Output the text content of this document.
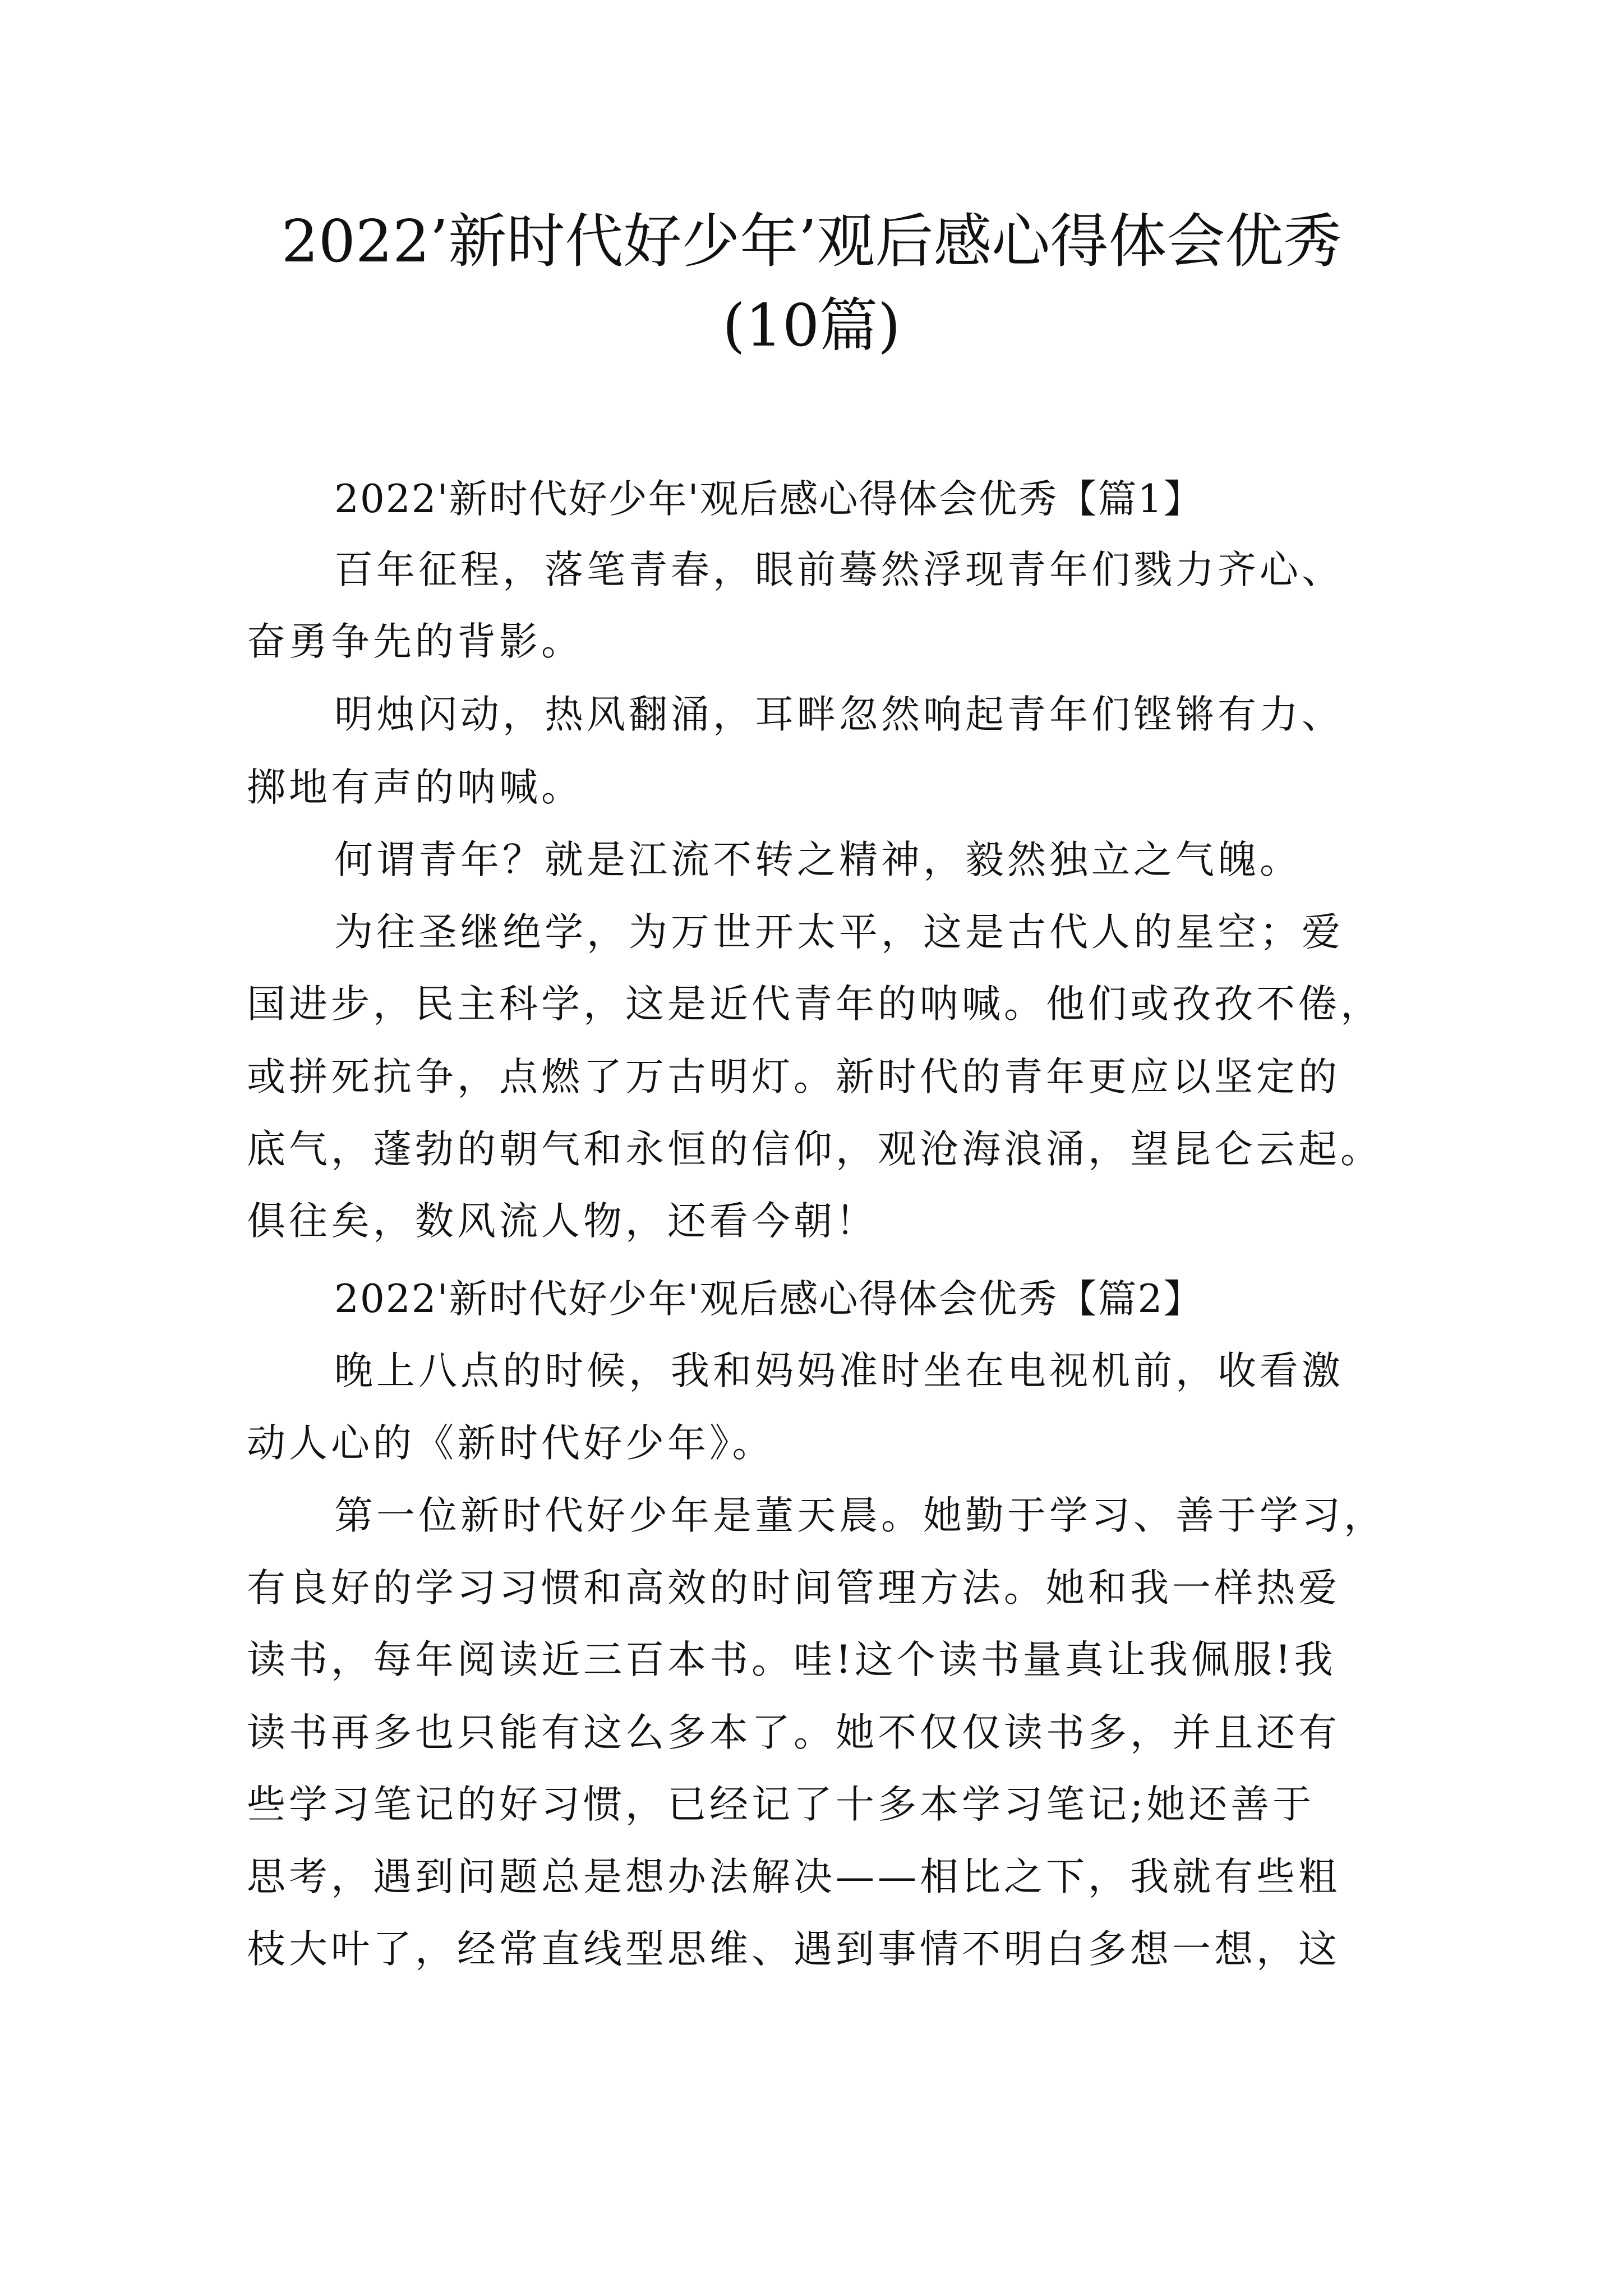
2022’新时代好少年’观后感心得体会优秀
(10篇)

2022'新时代好少年'观后感心得体会优秀【篇1】

百年征程，落笔青春，眼前蓦然浮现青年们戮力齐心、

奋勇争先的背影。

明烛闪动，热风翻涌，耳畔忽然响起青年们铿锵有力、

掷地有声的呐喊。

何谓青年？就是江流不转之精神，毅然独立之气魄。

为往圣继绝学，为万世开太平，这是古代人的星空；爱

国进步，民主科学，这是近代青年的呐喊。他们或孜孜不倦，

或拼死抗争，点燃了万古明灯。新时代的青年更应以坚定的

底气，蓬勃的朝气和永恒的信仰，观沧海浪涌，望昆仑云起。

俱往矣，数风流人物，还看今朝！

2022'新时代好少年'观后感心得体会优秀【篇2】

晚上八点的时候，我和妈妈准时坐在电视机前，收看激

动人心的《新时代好少年》。

第一位新时代好少年是董天晨。她勤于学习、善于学习，

有良好的学习习惯和高效的时间管理方法。她和我一样热爱

读书，每年阅读近三百本书。哇!这个读书量真让我佩服!我

读书再多也只能有这么多本了。她不仅仅读书多，并且还有

些学习笔记的好习惯，已经记了十多本学习笔记;她还善于

思考，遇到问题总是想办法解决——相比之下，我就有些粗

枝大叶了，经常直线型思维、遇到事情不明白多想一想，这
